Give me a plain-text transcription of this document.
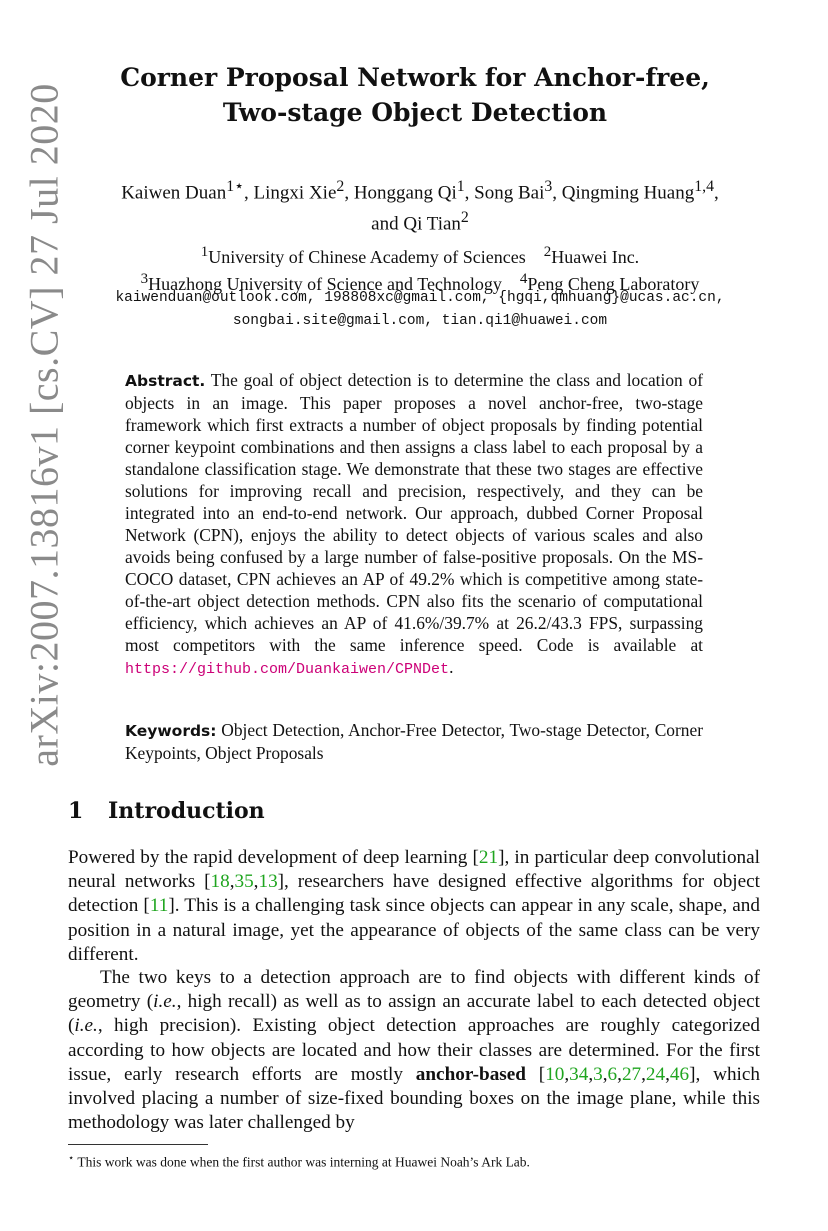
arXiv:2007.13816v1 [cs.CV] 27 Jul 2020
Corner Proposal Network for Anchor-free,
Two-stage Object Detection
Kaiwen Duan$^{1⋆}$, Lingxi Xie$^2$, Honggang Qi$^1$, Song Bai$^3$, Qingming Huang$^{1,4}$,
and Qi Tian$^2$
$^1$University of Chinese Academy of Sciences $^2$Huawei Inc.
$^3$Huazhong University of Science and Technology $^4$Peng Cheng Laboratory
kaiwenduan@outlook.com, 198808xc@gmail.com, {hgqi,qmhuang}@ucas.ac.cn,
songbai.site@gmail.com, tian.qi1@huawei.com
Abstract. The goal of object detection is to determine the class and location of objects in an image. This paper proposes a novel anchor-free, two-stage framework which first extracts a number of object proposals by finding potential corner keypoint combinations and then assigns a class label to each proposal by a standalone classification stage. We demonstrate that these two stages are effective solutions for improving recall and precision, respectively, and they can be integrated into an end-to-end network. Our approach, dubbed Corner Proposal Network (CPN), enjoys the ability to detect objects of various scales and also avoids being confused by a large number of false-positive proposals. On the MS-COCO dataset, CPN achieves an AP of 49.2% which is competitive among state-of-the-art object detection methods. CPN also fits the scenario of computational efficiency, which achieves an AP of 41.6%/39.7% at 26.2/43.3 FPS, surpassing most competitors with the same inference speed. Code is available at https://github.com/Duankaiwen/CPNDet.
Keywords: Object Detection, Anchor-Free Detector, Two-stage Detector, Corner Keypoints, Object Proposals
1 Introduction
Powered by the rapid development of deep learning [21], in particular deep convolutional neural networks [18,35,13], researchers have designed effective algorithms for object detection [11]. This is a challenging task since objects can appear in any scale, shape, and position in a natural image, yet the appearance of objects of the same class can be very different.
The two keys to a detection approach are to find objects with different kinds of geometry (i.e., high recall) as well as to assign an accurate label to each detected object (i.e., high precision). Existing object detection approaches are roughly categorized according to how objects are located and how their classes are determined. For the first issue, early research efforts are mostly anchor-based [10,34,3,6,27,24,46], which involved placing a number of size-fixed bounding boxes on the image plane, while this methodology was later challenged by
⋆ This work was done when the first author was interning at Huawei Noah’s Ark Lab.
